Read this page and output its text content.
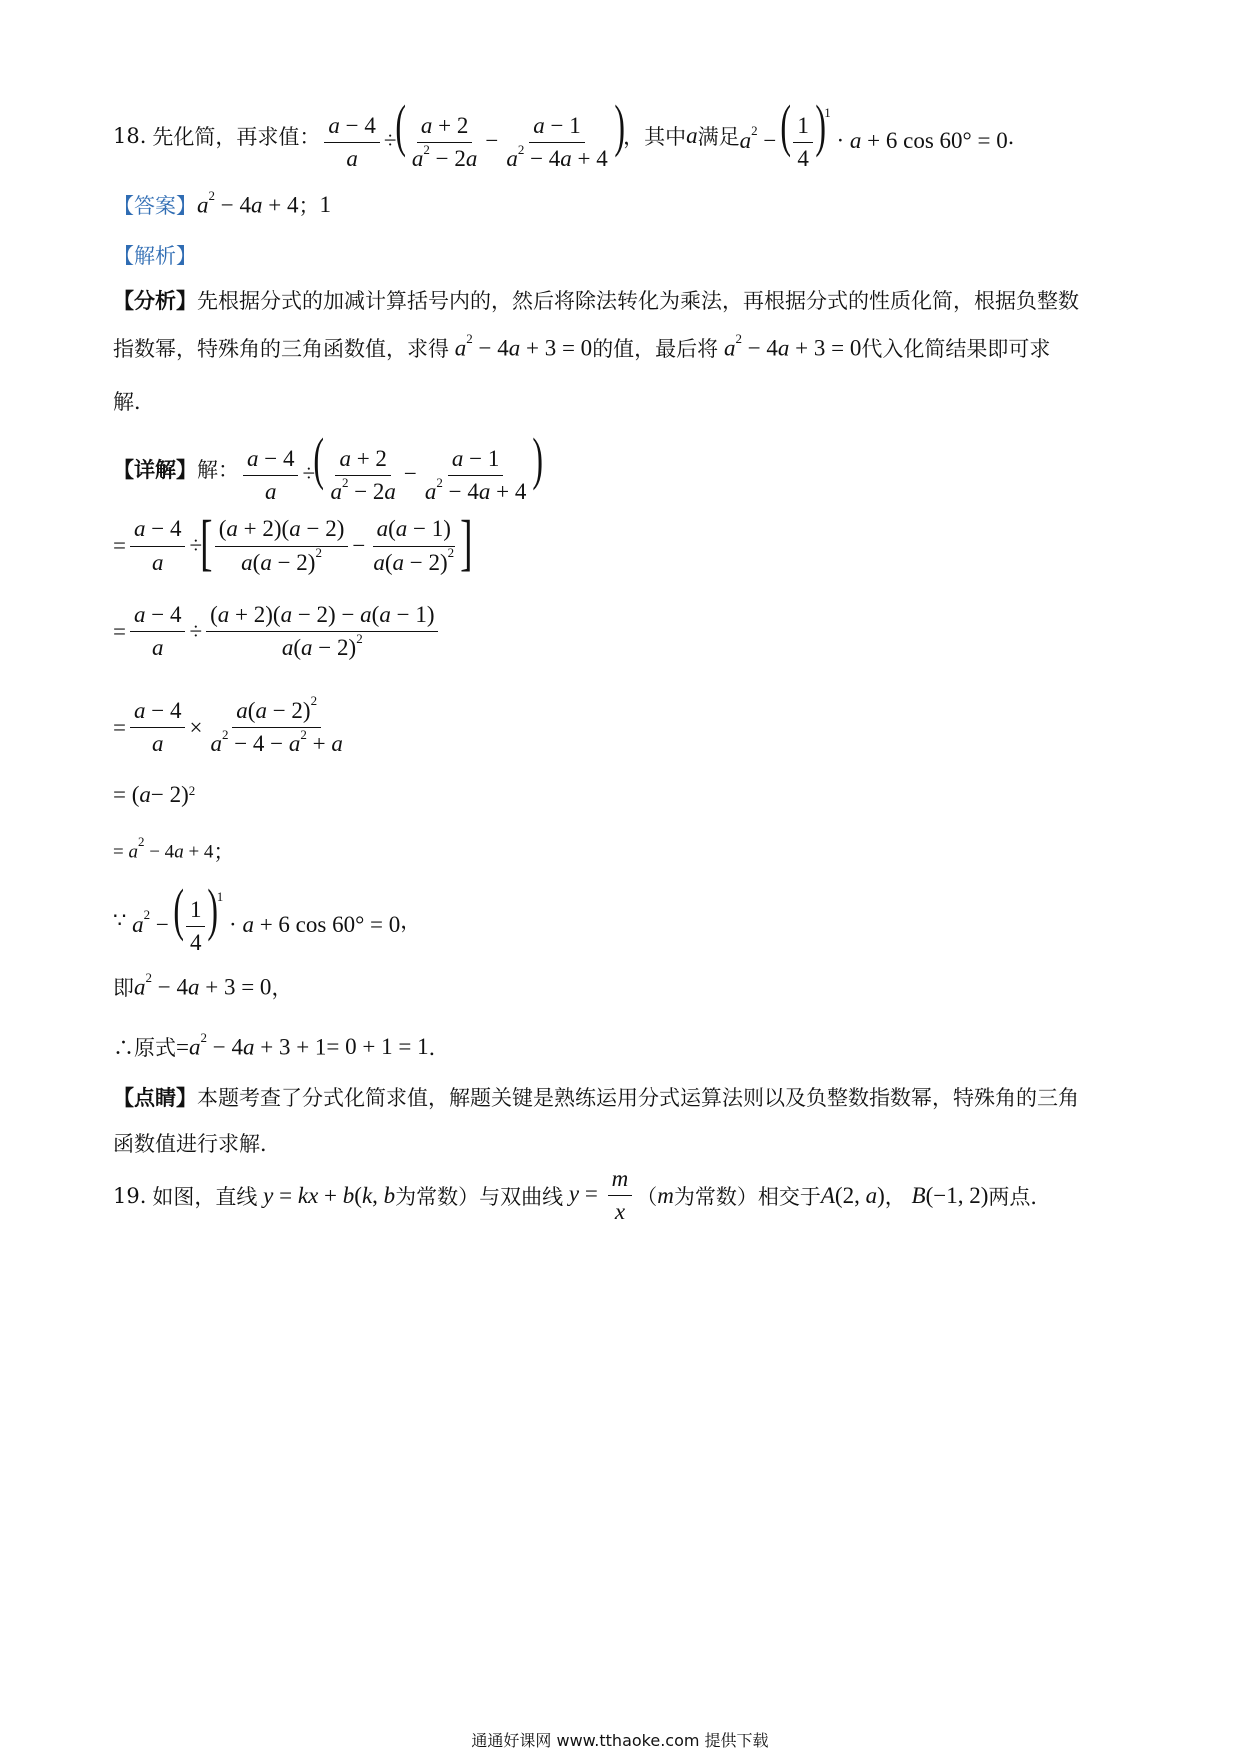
18. 先化简，再求值： $\frac{a - 4}{a}$ ÷( $\frac{a + 2}{a^2 - 2a} - \frac{a - 1}{a^2 - 4a + 4}$ )
，其中 a 满足 $a^2$ − ( $\frac{1}{4} )^1 \cdot a + 6$ cos 60° = 0 ．
【答案】 $a^2 - 4a + 4$ ； 1
【解析】
【分析】 先根据分式的加减计算括号内的，然后将除法转化为乘法，再根据分式的性质化简，根据负整数
指数幂，特殊角的三角函数值，求得 $a^2 - 4a + 3 = 0$ 的值，最后将 $a^2 - 4a + 3 = 0$ 代入化简结果即可求
解．
【详解】 解： $\frac{a - 4}{a}$ ÷( $\frac{a + 2}{a^2 - 2a} - \frac{a - 1}{a^2 - 4a + 4}$ )
= $\frac{a - 4}{a}$ ÷
[ $\frac{(a + 2)(a - 2)}{a(a - 2)^2} - \frac{a(a - 1)}{a(a - 2)^2}$ ]
= $\frac{a - 4}{a} \div \frac{(a + 2)(a - 2) - a(a - 1)}{a(a - 2)^2}$
= $\frac{a - 4}{a} \times \frac{a(a - 2)^2}{a^2 - 4 - a^2 + a}$
= ( a − 2)$^2$
= $a^2 - 4a + 4$ ；
∵ $a^2$ − ( $\frac{1}{4} )^1 \cdot a + 6$ cos 60° = 0 ，
即 $a^2 - 4a + 3 = 0$ ，
∴原式 $=a^2 - 4a + 3 + 1 = 0 + 1 = 1$ ．
【点睛】 本题考查了分式化简求值，解题关键是熟练运用分式运算法则以及负整数指数幂，特殊角的三角
函数值进行求解．
19. 如图，直线 y = kx + b(k, b 为常数）与双曲线 $y = \frac{m}{x}$ （ m 为常数）相交于 A(2, a) ， B(−1, 2) 两点．
通通好课网 www.tthaoke.com 提供下载
